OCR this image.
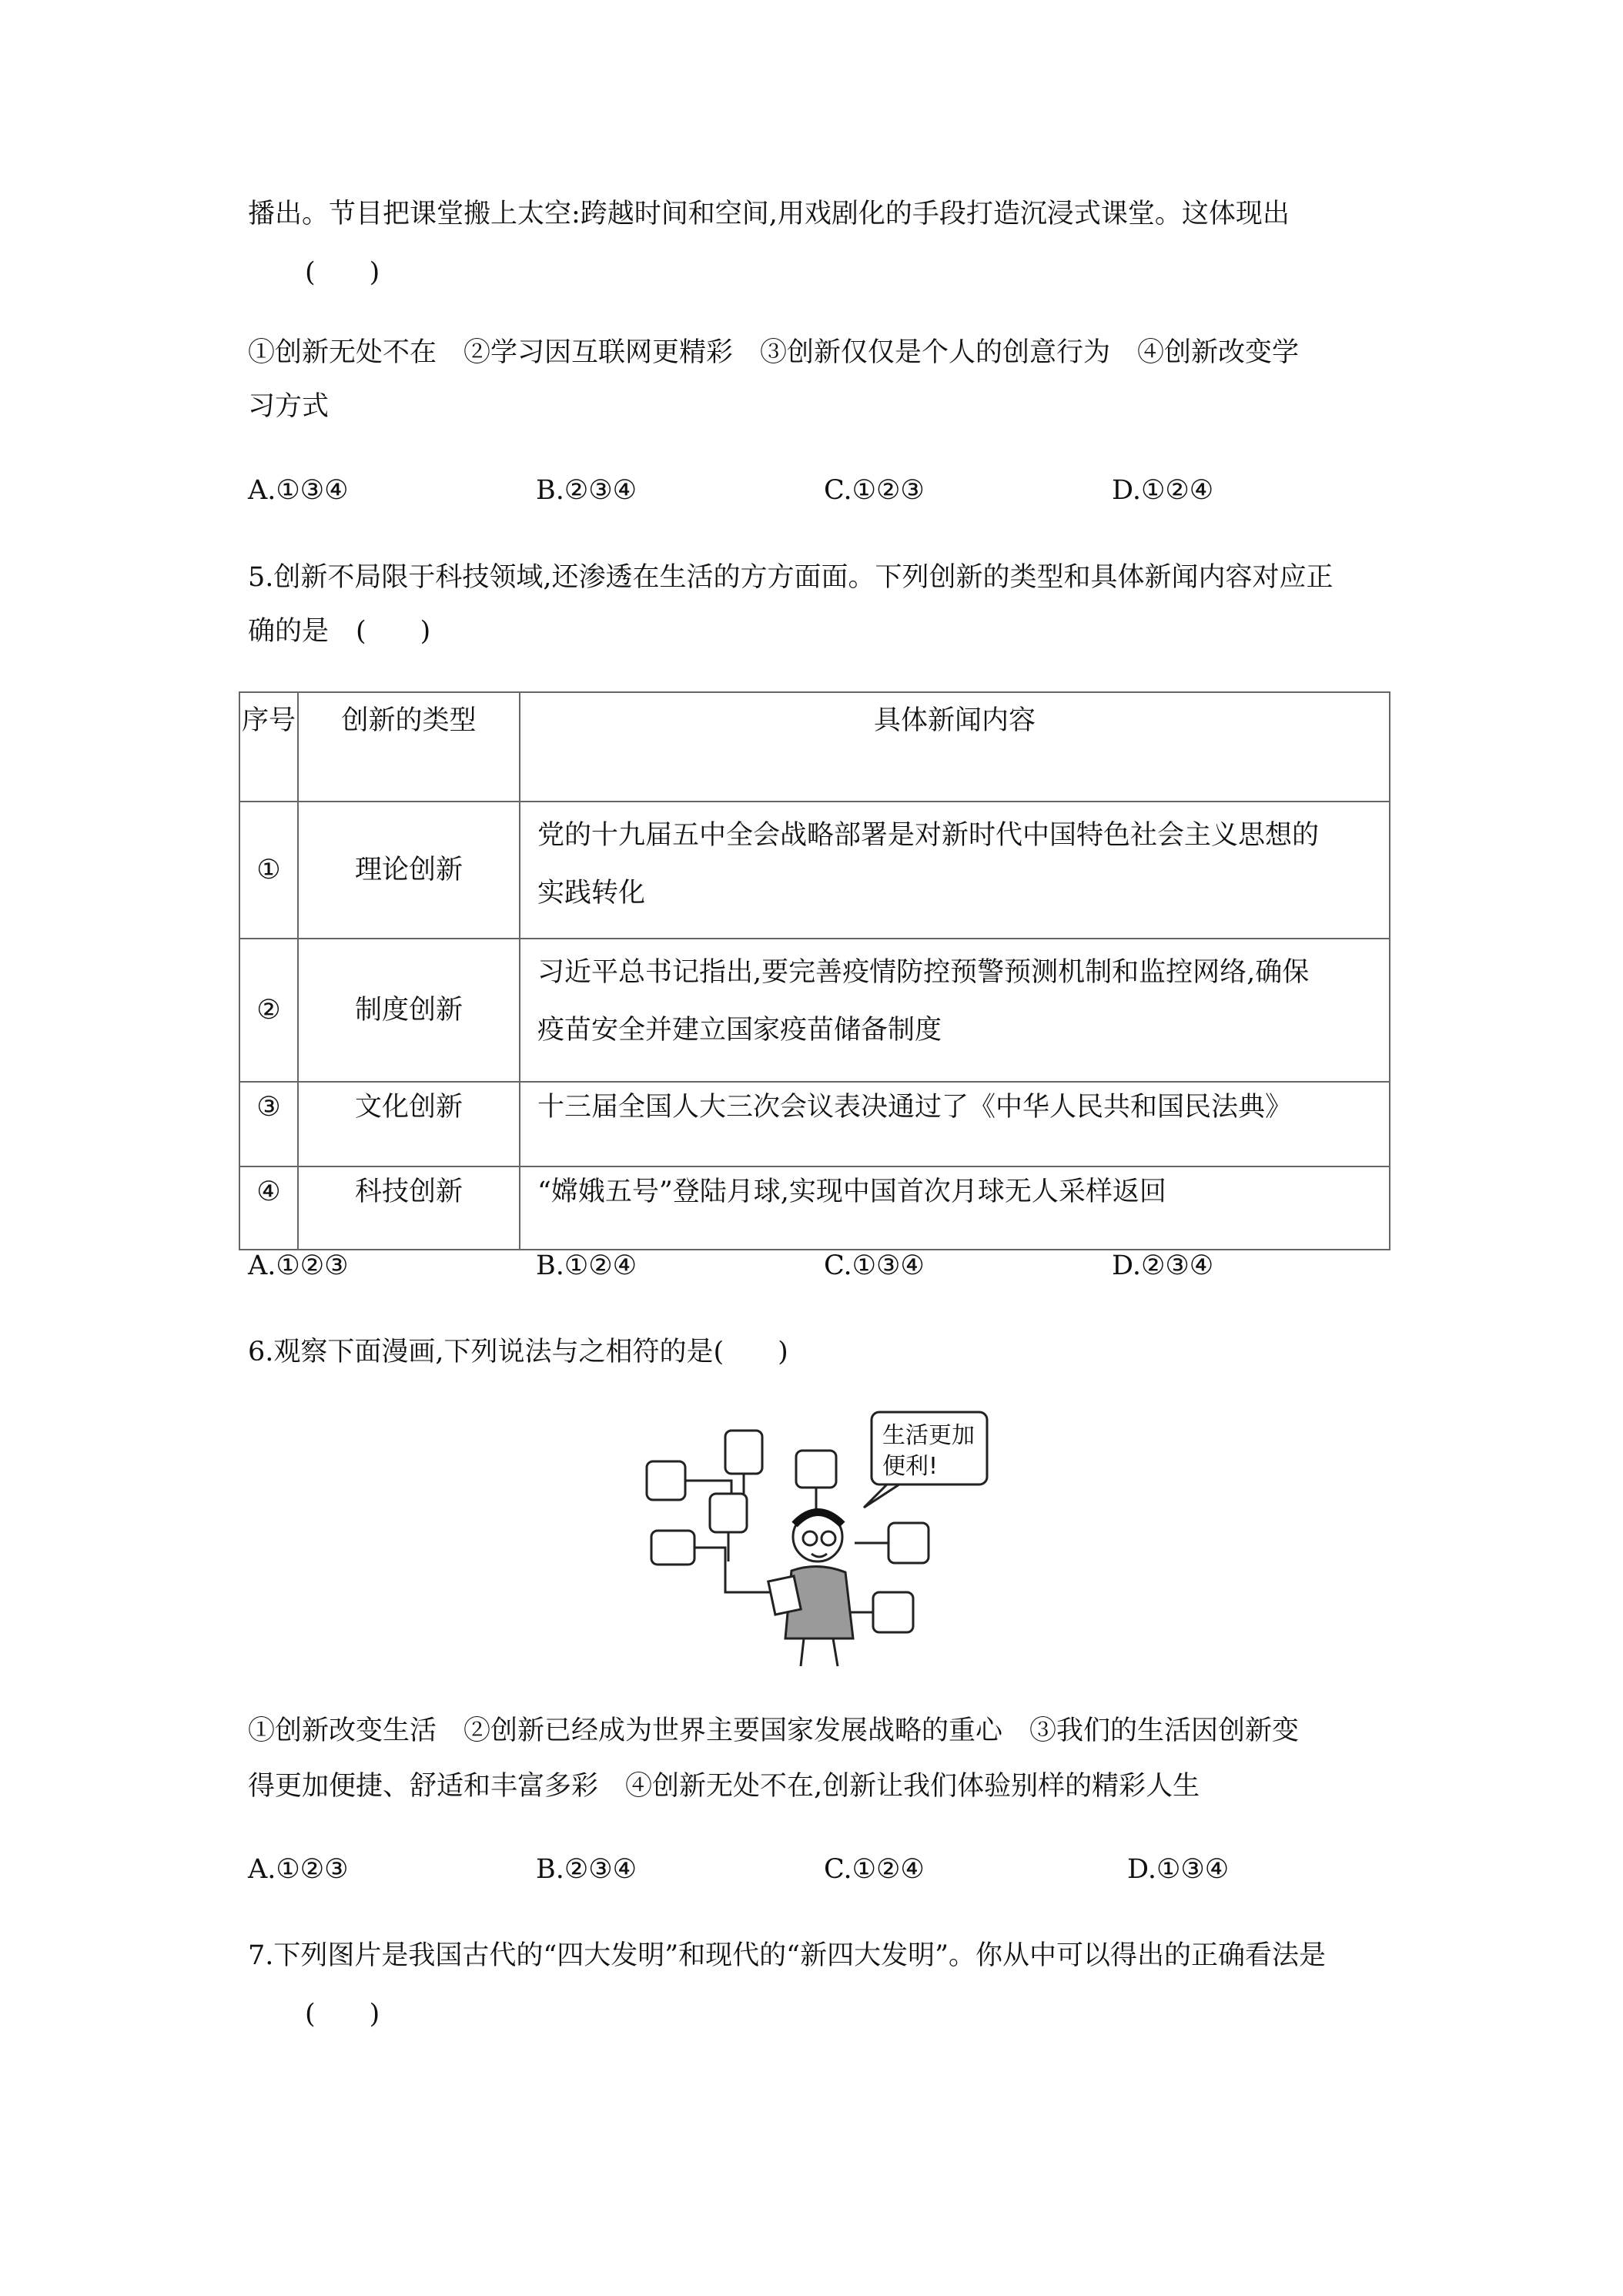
播出。节目把课堂搬上太空:跨越时间和空间,用戏剧化的手段打造沉浸式课堂。这体现出
(  )
①创新无处不在 ②学习因互联网更精彩 ③创新仅仅是个人的创意行为 ④创新改变学
习方式
A.①③④	B.②③④	C.①②③	D.①②④
5.创新不局限于科技领域,还渗透在生活的方方面面。下列创新的类型和具体新闻内容对应正
确的是 (  )
序号	创新的类型	具体新闻内容

①	理论创新	党的十九届五中全会战略部署是对新时代中国特色社会主义思想的
实践转化

②	制度创新	习近平总书记指出,要完善疫情防控预警预测机制和监控网络,确保
疫苗安全并建立国家疫苗储备制度

③	文化创新	十三届全国人大三次会议表决通过了《中华人民共和国民法典》

④	科技创新	“嫦娥五号”登陆月球,实现中国首次月球无人采样返回
A.①②③	B.①②④	C.①③④	D.②③④
6.观察下面漫画,下列说法与之相符的是(  )
生活更加
便利!
①创新改变生活 ②创新已经成为世界主要国家发展战略的重心 ③我们的生活因创新变
得更加便捷、舒适和丰富多彩 ④创新无处不在,创新让我们体验别样的精彩人生
A.①②③	B.②③④	C.①②④	D.①③④
7.下列图片是我国古代的“四大发明”和现代的“新四大发明”。你从中可以得出的正确看法是
(  )
